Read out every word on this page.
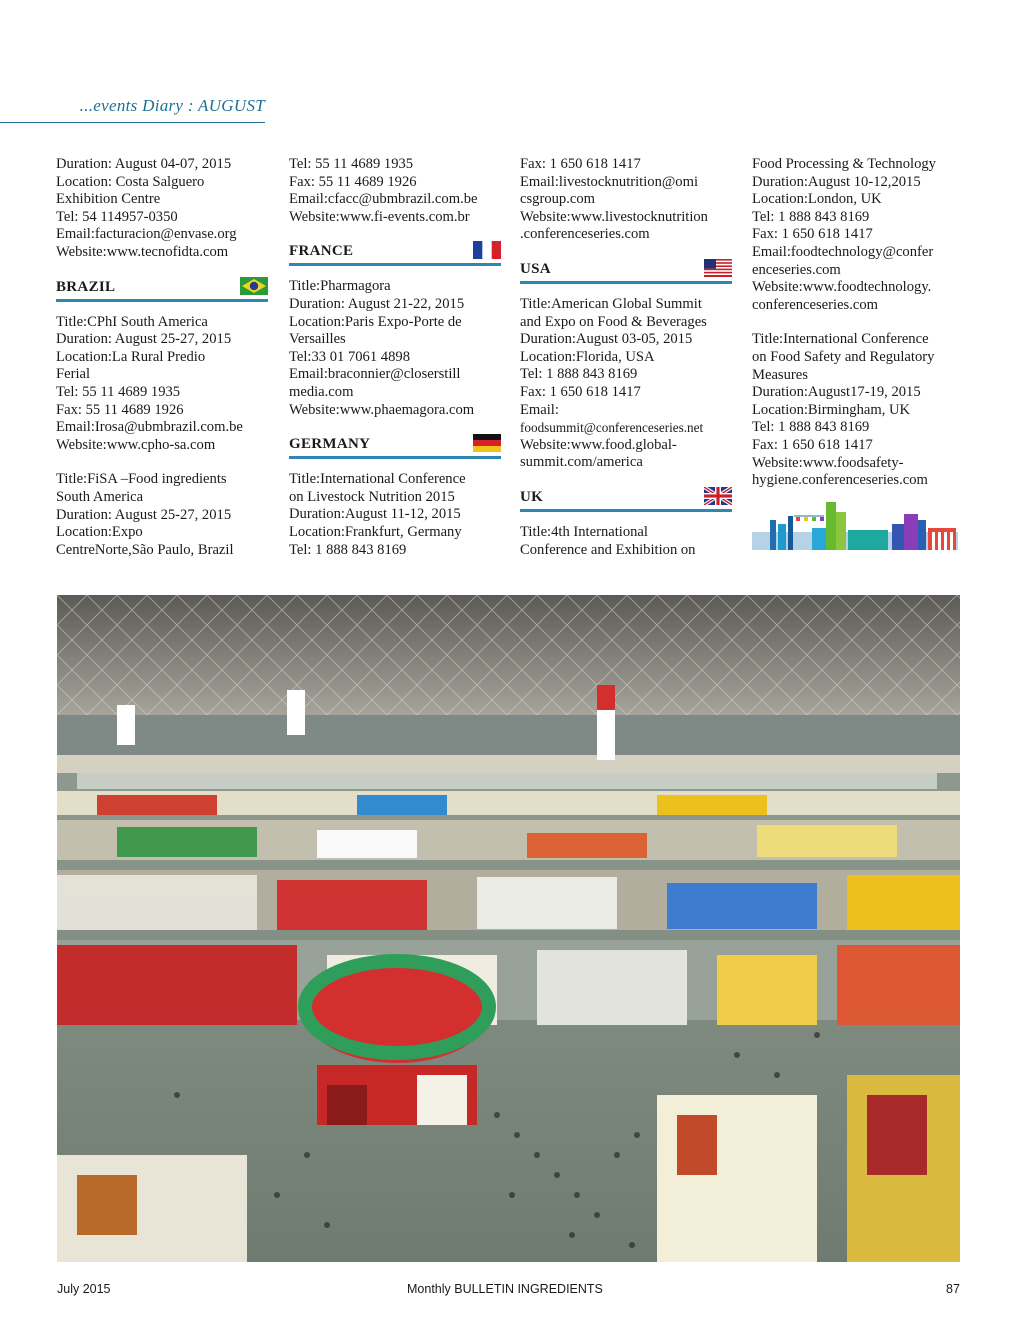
...events Diary : AUGUST
Duration: August 04-07, 2015
Location: Costa Salguero
Exhibition Centre
Tel: 54 114957-0350
Email:facturacion@envase.org
Website:www.tecnofidta.com
BRAZIL
Title:CPhI South America
Duration: August 25-27, 2015
Location:La Rural Predio
Ferial
Tel: 55 11 4689 1935
Fax: 55 11 4689 1926
Email:Irosa@ubmbrazil.com.be
Website:www.cpho-sa.com
Title:FiSA –Food ingredients
South America
Duration: August 25-27, 2015
Location:Expo
CentreNorte,São Paulo, Brazil
Tel: 55 11 4689 1935
Fax: 55 11 4689 1926
Email:cfacc@ubmbrazil.com.be
Website:www.fi-events.com.br
FRANCE
Title:Pharmagora
Duration: August 21-22, 2015
Location:Paris Expo-Porte de
Versailles
Tel:33 01 7061 4898
Email:braconnier@closerstill
media.com
Website:www.phaemagora.com
GERMANY
Title:International Conference
on Livestock Nutrition 2015
Duration:August 11-12, 2015
Location:Frankfurt, Germany
Tel: 1 888 843 8169
Fax: 1 650 618 1417
Email:livestocknutrition@omi
csgroup.com
Website:www.livestocknutrition
.conferenceseries.com
USA
Title:American Global Summit
and Expo on Food & Beverages
Duration:August 03-05, 2015
Location:Florida, USA
Tel: 1 888 843 8169
Fax: 1 650 618 1417
Email:
foodsummit@conferenceseries.net
Website:www.food.global-
summit.com/america
UK
Title:4th International
Conference and Exhibition on
Food Processing & Technology
Duration:August 10-12,2015
Location:London, UK
Tel: 1 888 843 8169
Fax: 1 650 618 1417
Email:foodtechnology@confer
enceseries.com
Website:www.foodtechnology.
conferenceseries.com
Title:International Conference
on Food Safety and Regulatory
Measures
Duration:August17-19, 2015
Location:Birmingham, UK
Tel: 1 888 843 8169
Fax: 1 650 618 1417
Website:www.foodsafety-
hygiene.conferenceseries.com
July 2015	Monthly BULLETIN INGREDIENTS	87
